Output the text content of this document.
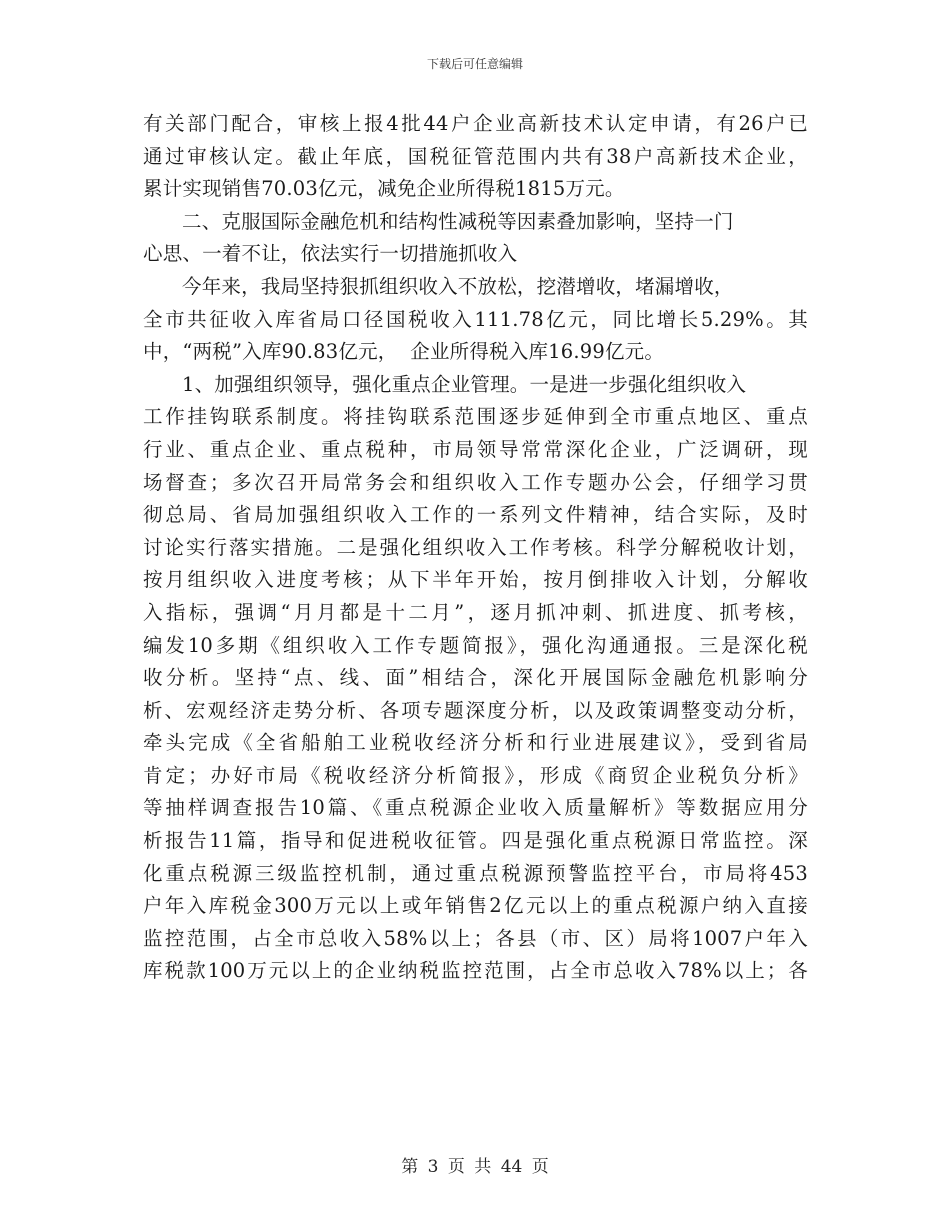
下载后可任意编辑
有关部门配合，审核上报4批44户企业高新技术认定申请，有26户已
通过审核认定。截止年底，国税征管范围内共有38户高新技术企业，
累计实现销售70.03亿元，减免企业所得税1815万元。
二、克服国际金融危机和结构性减税等因素叠加影响，坚持一门
心思、一着不让，依法实行一切措施抓收入
今年来，我局坚持狠抓组织收入不放松，挖潜增收，堵漏增收，
全市共征收入库省局口径国税收入111.78亿元，同比增长5.29%。其
中，“两税”入库90.83亿元，  企业所得税入库16.99亿元。
1、加强组织领导，强化重点企业管理。一是进一步强化组织收入
工作挂钩联系制度。将挂钩联系范围逐步延伸到全市重点地区、重点
行业、重点企业、重点税种，市局领导常常深化企业，广泛调研，现
场督查；多次召开局常务会和组织收入工作专题办公会，仔细学习贯
彻总局、省局加强组织收入工作的一系列文件精神，结合实际，及时
讨论实行落实措施。二是强化组织收入工作考核。科学分解税收计划，
按月组织收入进度考核；从下半年开始，按月倒排收入计划，分解收
入指标，强调“月月都是十二月”，逐月抓冲刺、抓进度、抓考核，
编发10多期《组织收入工作专题简报》，强化沟通通报。三是深化税
收分析。坚持“点、线、面”相结合，深化开展国际金融危机影响分
析、宏观经济走势分析、各项专题深度分析，以及政策调整变动分析，
牵头完成《全省船舶工业税收经济分析和行业进展建议》，受到省局
肯定；办好市局《税收经济分析简报》，形成《商贸企业税负分析》
等抽样调查报告10篇、《重点税源企业收入质量解析》等数据应用分
析报告11篇，指导和促进税收征管。四是强化重点税源日常监控。深
化重点税源三级监控机制，通过重点税源预警监控平台，市局将453
户年入库税金300万元以上或年销售2亿元以上的重点税源户纳入直接
监控范围，占全市总收入58%以上；各县（市、区）局将1007户年入
库税款100万元以上的企业纳税监控范围，占全市总收入78%以上；各
第 3 页 共 44 页
